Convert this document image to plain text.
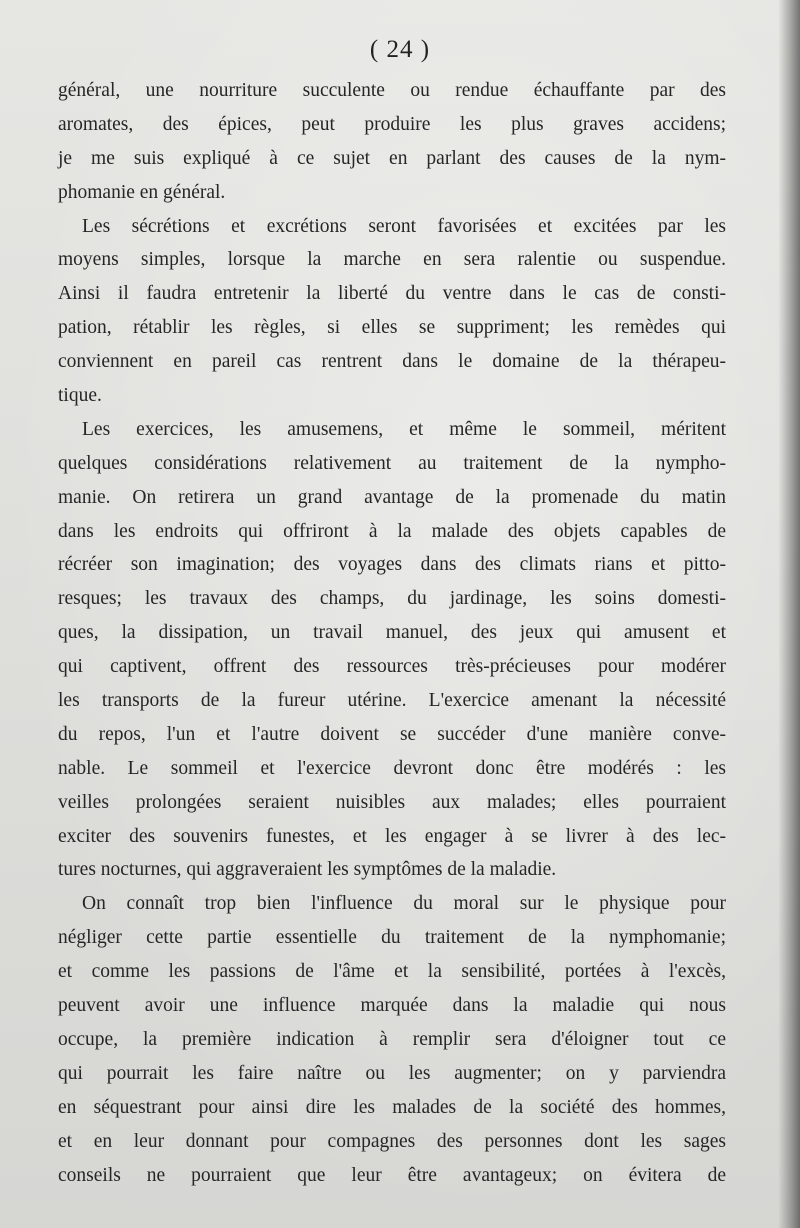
( 24 )
général, une nourriture succulente ou rendue échauffante par des
aromates, des épices, peut produire les plus graves accidens;
je me suis expliqué à ce sujet en parlant des causes de la nym-
phomanie en général.
Les sécrétions et excrétions seront favorisées et excitées par les
moyens simples, lorsque la marche en sera ralentie ou suspendue.
Ainsi il faudra entretenir la liberté du ventre dans le cas de consti-
pation, rétablir les règles, si elles se suppriment; les remèdes qui
conviennent en pareil cas rentrent dans le domaine de la thérapeu-
tique.
Les exercices, les amusemens, et même le sommeil, méritent
quelques considérations relativement au traitement de la nympho-
manie. On retirera un grand avantage de la promenade du matin
dans les endroits qui offriront à la malade des objets capables de
récréer son imagination; des voyages dans des climats rians et pitto-
resques; les travaux des champs, du jardinage, les soins domesti-
ques, la dissipation, un travail manuel, des jeux qui amusent et
qui captivent, offrent des ressources très-précieuses pour modérer
les transports de la fureur utérine. L'exercice amenant la nécessité
du repos, l'un et l'autre doivent se succéder d'une manière conve-
nable. Le sommeil et l'exercice devront donc être modérés : les
veilles prolongées seraient nuisibles aux malades; elles pourraient
exciter des souvenirs funestes, et les engager à se livrer à des lec-
tures nocturnes, qui aggraveraient les symptômes de la maladie.
On connaît trop bien l'influence du moral sur le physique pour
négliger cette partie essentielle du traitement de la nymphomanie;
et comme les passions de l'âme et la sensibilité, portées à l'excès,
peuvent avoir une influence marquée dans la maladie qui nous
occupe, la première indication à remplir sera d'éloigner tout ce
qui pourrait les faire naître ou les augmenter; on y parviendra
en séquestrant pour ainsi dire les malades de la société des hommes,
et en leur donnant pour compagnes des personnes dont les sages
conseils ne pourraient que leur être avantageux; on évitera de
